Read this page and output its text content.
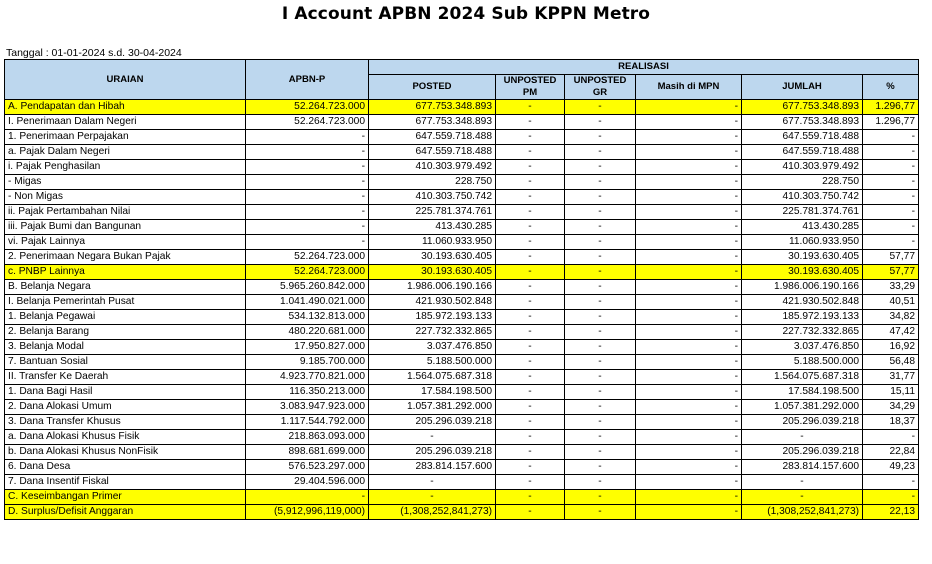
I Account APBN 2024 Sub KPPN Metro
Tanggal : 01-01-2024 s.d. 30-04-2024
URAIAN	APBN-P	REALISASI					
		POSTED	UNPOSTED PM	UNPOSTED GR	Masih di MPN	JUMLAH	%
A. Pendapatan dan Hibah	52.264.723.000	677.753.348.893	-	-	-	677.753.348.893	1.296,77
I. Penerimaan Dalam Negeri	52.264.723.000	677.753.348.893	-	-	-	677.753.348.893	1.296,77
1. Penerimaan Perpajakan	-	647.559.718.488	-	-	-	647.559.718.488	-
a. Pajak Dalam Negeri	-	647.559.718.488	-	-	-	647.559.718.488	-
i. Pajak Penghasilan	-	410.303.979.492	-	-	-	410.303.979.492	-
- Migas	-	228.750	-	-	-	228.750	-
- Non Migas	-	410.303.750.742	-	-	-	410.303.750.742	-
ii. Pajak Pertambahan Nilai	-	225.781.374.761	-	-	-	225.781.374.761	-
iii. Pajak Bumi dan Bangunan	-	413.430.285	-	-	-	413.430.285	-
vi. Pajak Lainnya	-	11.060.933.950	-	-	-	11.060.933.950	-
2. Penerimaan Negara Bukan Pajak	52.264.723.000	30.193.630.405	-	-	-	30.193.630.405	57,77
c. PNBP Lainnya	52.264.723.000	30.193.630.405	-	-	-	30.193.630.405	57,77
B. Belanja Negara	5.965.260.842.000	1.986.006.190.166	-	-	-	1.986.006.190.166	33,29
I. Belanja Pemerintah Pusat	1.041.490.021.000	421.930.502.848	-	-	-	421.930.502.848	40,51
1. Belanja Pegawai	534.132.813.000	185.972.193.133	-	-	-	185.972.193.133	34,82
2. Belanja Barang	480.220.681.000	227.732.332.865	-	-	-	227.732.332.865	47,42
3. Belanja Modal	17.950.827.000	3.037.476.850	-	-	-	3.037.476.850	16,92
7. Bantuan Sosial	9.185.700.000	5.188.500.000	-	-	-	5.188.500.000	56,48
II. Transfer Ke Daerah	4.923.770.821.000	1.564.075.687.318	-	-	-	1.564.075.687.318	31,77
1. Dana Bagi Hasil	116.350.213.000	17.584.198.500	-	-	-	17.584.198.500	15,11
2. Dana Alokasi Umum	3.083.947.923.000	1.057.381.292.000	-	-	-	1.057.381.292.000	34,29
3. Dana Transfer Khusus	1.117.544.792.000	205.296.039.218	-	-	-	205.296.039.218	18,37
a. Dana Alokasi Khusus Fisik	218.863.093.000	-	-	-	-	-	-
b. Dana Alokasi Khusus NonFisik	898.681.699.000	205.296.039.218	-	-	-	205.296.039.218	22,84
6. Dana Desa	576.523.297.000	283.814.157.600	-	-	-	283.814.157.600	49,23
7. Dana Insentif Fiskal	29.404.596.000	-	-	-	-	-	-
C. Keseimbangan Primer	-	-	-	-	-	-	-
D. Surplus/Defisit Anggaran	(5,912,996,119,000)	(1,308,252,841,273)	-	-	-	(1,308,252,841,273)	22,13
